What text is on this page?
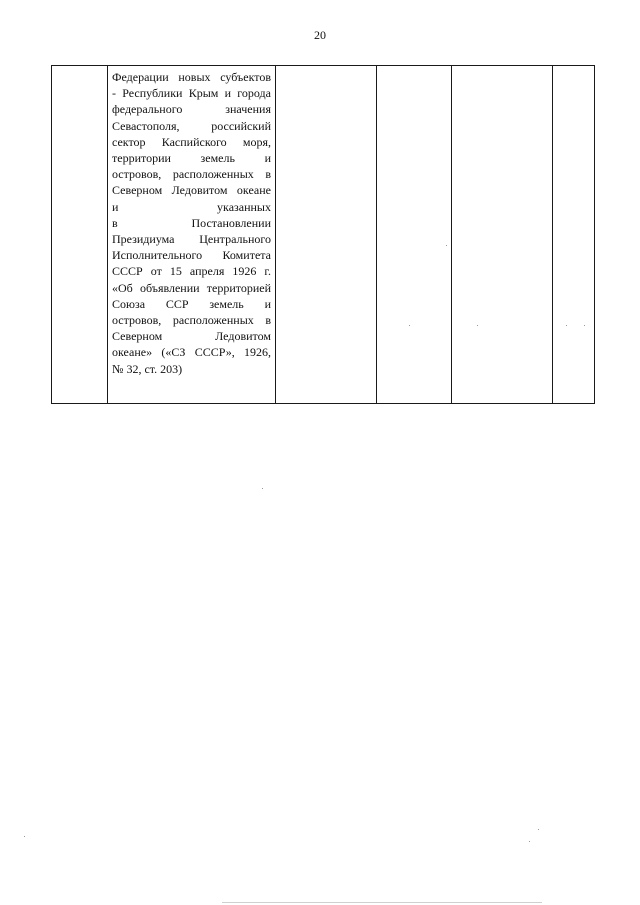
20

Федерации новых субъектов
- Республики Крым и города
федерального значения
Севастополя, российский
сектор Каспийского моря,
территории земель и
островов, расположенных в
Северном Ледовитом океане
и указанных
в Постановлении
Президиума Центрального
Исполнительного Комитета
СССР от 15 апреля 1926 г.
«Об объявлении территорией
Союза ССР земель и
островов, расположенных в
Северном Ледовитом
океане» («СЗ СССР», 1926,
№ 32, ст. 203)
